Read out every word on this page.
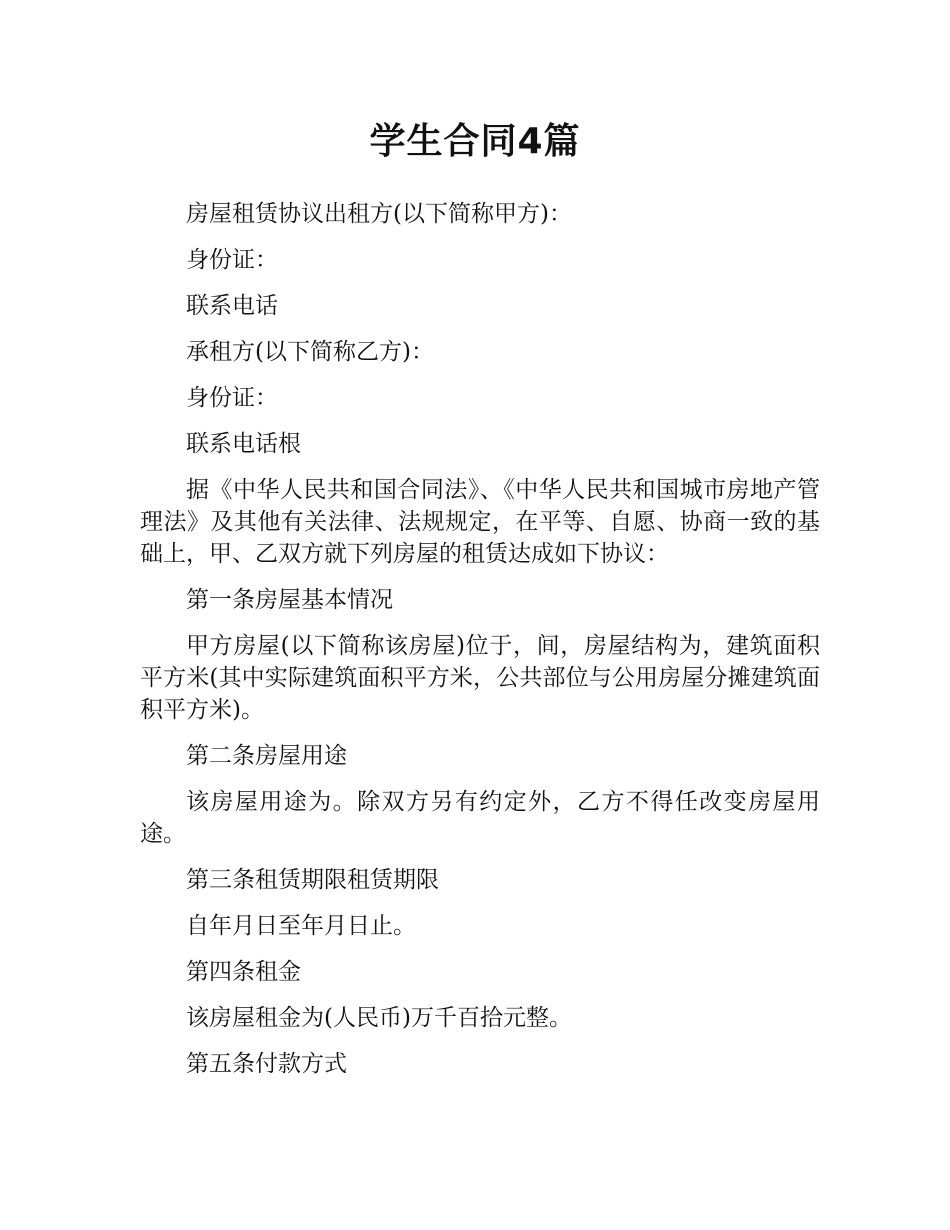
学生合同4篇

房屋租赁协议出租方(以下简称甲方)：

身份证：

联系电话

承租方(以下简称乙方)：

身份证：

联系电话根

据《中华人民共和国合同法》、《中华人民共和国城市房地产管理法》及其他有关法律、法规规定，在平等、自愿、协商一致的基础上，甲、乙双方就下列房屋的租赁达成如下协议：

第一条房屋基本情况

甲方房屋(以下简称该房屋)位于，间，房屋结构为，建筑面积平方米(其中实际建筑面积平方米，公共部位与公用房屋分摊建筑面积平方米)。

第二条房屋用途

该房屋用途为。除双方另有约定外，乙方不得任改变房屋用途。

第三条租赁期限租赁期限

自年月日至年月日止。

第四条租金

该房屋租金为(人民币)万千百拾元整。

第五条付款方式
